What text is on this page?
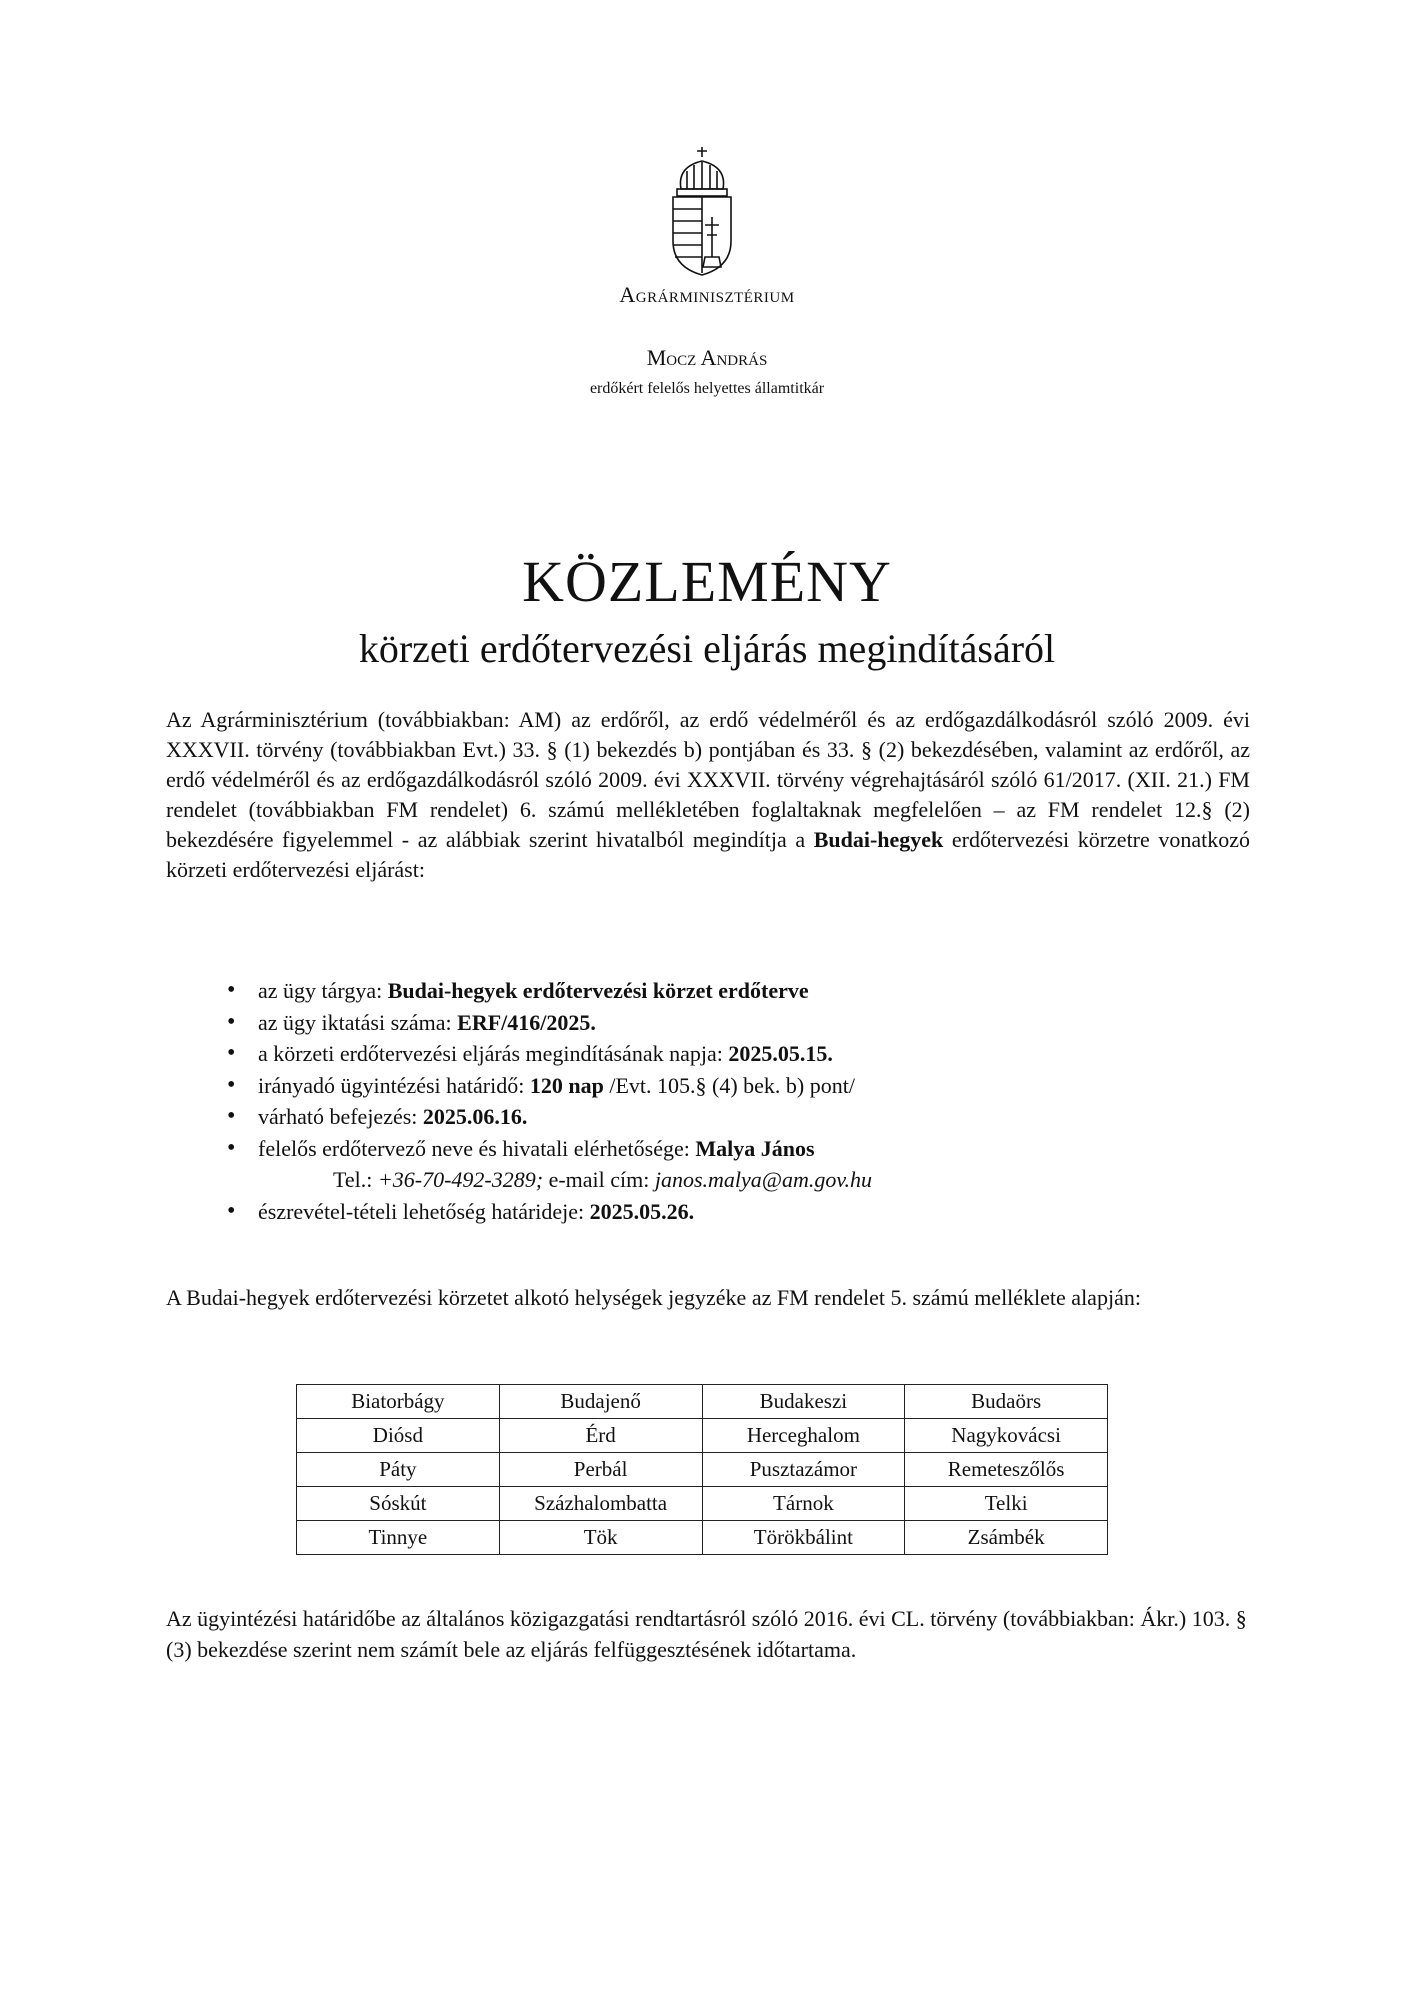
Agrárminisztérium
Mocz András
erdőkért felelős helyettes államtitkár
KÖZLEMÉNY
körzeti erdőtervezési eljárás megindításáról

Az Agrárminisztérium (továbbiakban: AM) az erdőről, az erdő védelméről és az erdőgazdálkodásról szóló 2009. évi XXXVII. törvény (továbbiakban Evt.) 33. § (1) bekezdés b) pontjában és 33. § (2) bekezdésében, valamint az erdőről, az erdő védelméről és az erdőgazdálkodásról szóló 2009. évi XXXVII. törvény végrehajtásáról szóló 61/2017. (XII. 21.) FM rendelet (továbbiakban FM rendelet) 6. számú mellékletében foglaltaknak megfelelően – az FM rendelet 12.§ (2) bekezdésére figyelemmel - az alábbiak szerint hivatalból megindítja a Budai-hegyek erdőtervezési körzetre vonatkozó körzeti erdőtervezési eljárást:

• az ügy tárgya: Budai-hegyek erdőtervezési körzet erdőterve
• az ügy iktatási száma: ERF/416/2025.
• a körzeti erdőtervezési eljárás megindításának napja: 2025.05.15.
• irányadó ügyintézési határidő: 120 nap /Evt. 105.§ (4) bek. b) pont/
• várható befejezés: 2025.06.16.
• felelős erdőtervező neve és hivatali elérhetősége: Malya János
Tel.: +36-70-492-3289; e-mail cím: janos.malya@am.gov.hu
• észrevétel-tételi lehetőség határideje: 2025.05.26.

A Budai-hegyek erdőtervezési körzetet alkotó helységek jegyzéke az FM rendelet 5. számú melléklete alapján:

Biatorbágy	Budajenő	Budakeszi	Budaörs
Diósd	Érd	Herceghalom	Nagykovácsi
Páty	Perbál	Pusztazámor	Remeteszőlős
Sóskút	Százhalombatta	Tárnok	Telki
Tinnye	Tök	Törökbálint	Zsámbék

Az ügyintézési határidőbe az általános közigazgatási rendtartásról szóló 2016. évi CL. törvény (továbbiakban: Ákr.) 103. § (3) bekezdése szerint nem számít bele az eljárás felfüggesztésének időtartama.
